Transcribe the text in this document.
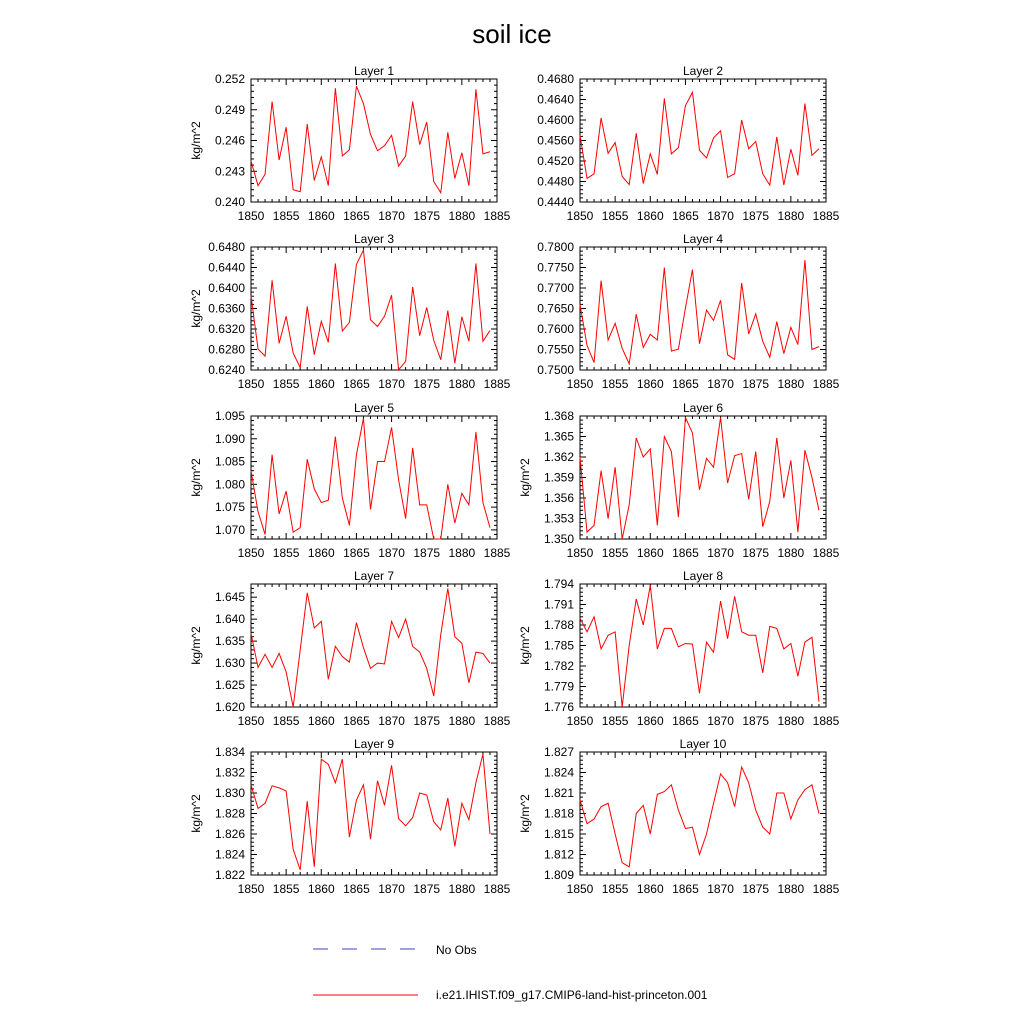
soil ice
Layer 1
1850 1855 1860 1865 1870 1875 1880 1885
0.240
0.243
0.246
0.249
0.252
kg/m^2
Layer 2
1850 1855 1860 1865 1870 1875 1880 1885
0.4440
0.4480
0.4520
0.4560
0.4600
0.4640
0.4680
Layer 3
1850 1855 1860 1865 1870 1875 1880 1885
0.6240
0.6280
0.6320
0.6360
0.6400
0.6440
0.6480
kg/m^2
Layer 4
1850 1855 1860 1865 1870 1875 1880 1885
0.7500
0.7550
0.7600
0.7650
0.7700
0.7750
0.7800
Layer 5
1850 1855 1860 1865 1870 1875 1880 1885
1.070
1.075
1.080
1.085
1.090
1.095
kg/m^2
Layer 6
1850 1855 1860 1865 1870 1875 1880 1885
1.350
1.353
1.356
1.359
1.362
1.365
1.368
kg/m^2
Layer 7
1850 1855 1860 1865 1870 1875 1880 1885
1.620
1.625
1.630
1.635
1.640
1.645
kg/m^2
Layer 8
1850 1855 1860 1865 1870 1875 1880 1885
1.776
1.779
1.782
1.785
1.788
1.791
1.794
kg/m^2
Layer 9
1850 1855 1860 1865 1870 1875 1880 1885
1.822
1.824
1.826
1.828
1.830
1.832
1.834
kg/m^2
Layer 10
1850 1855 1860 1865 1870 1875 1880 1885
1.809
1.812
1.815
1.818
1.821
1.824
1.827
kg/m^2
No Obs
i.e21.IHIST.f09_g17.CMIP6-land-hist-princeton.001
